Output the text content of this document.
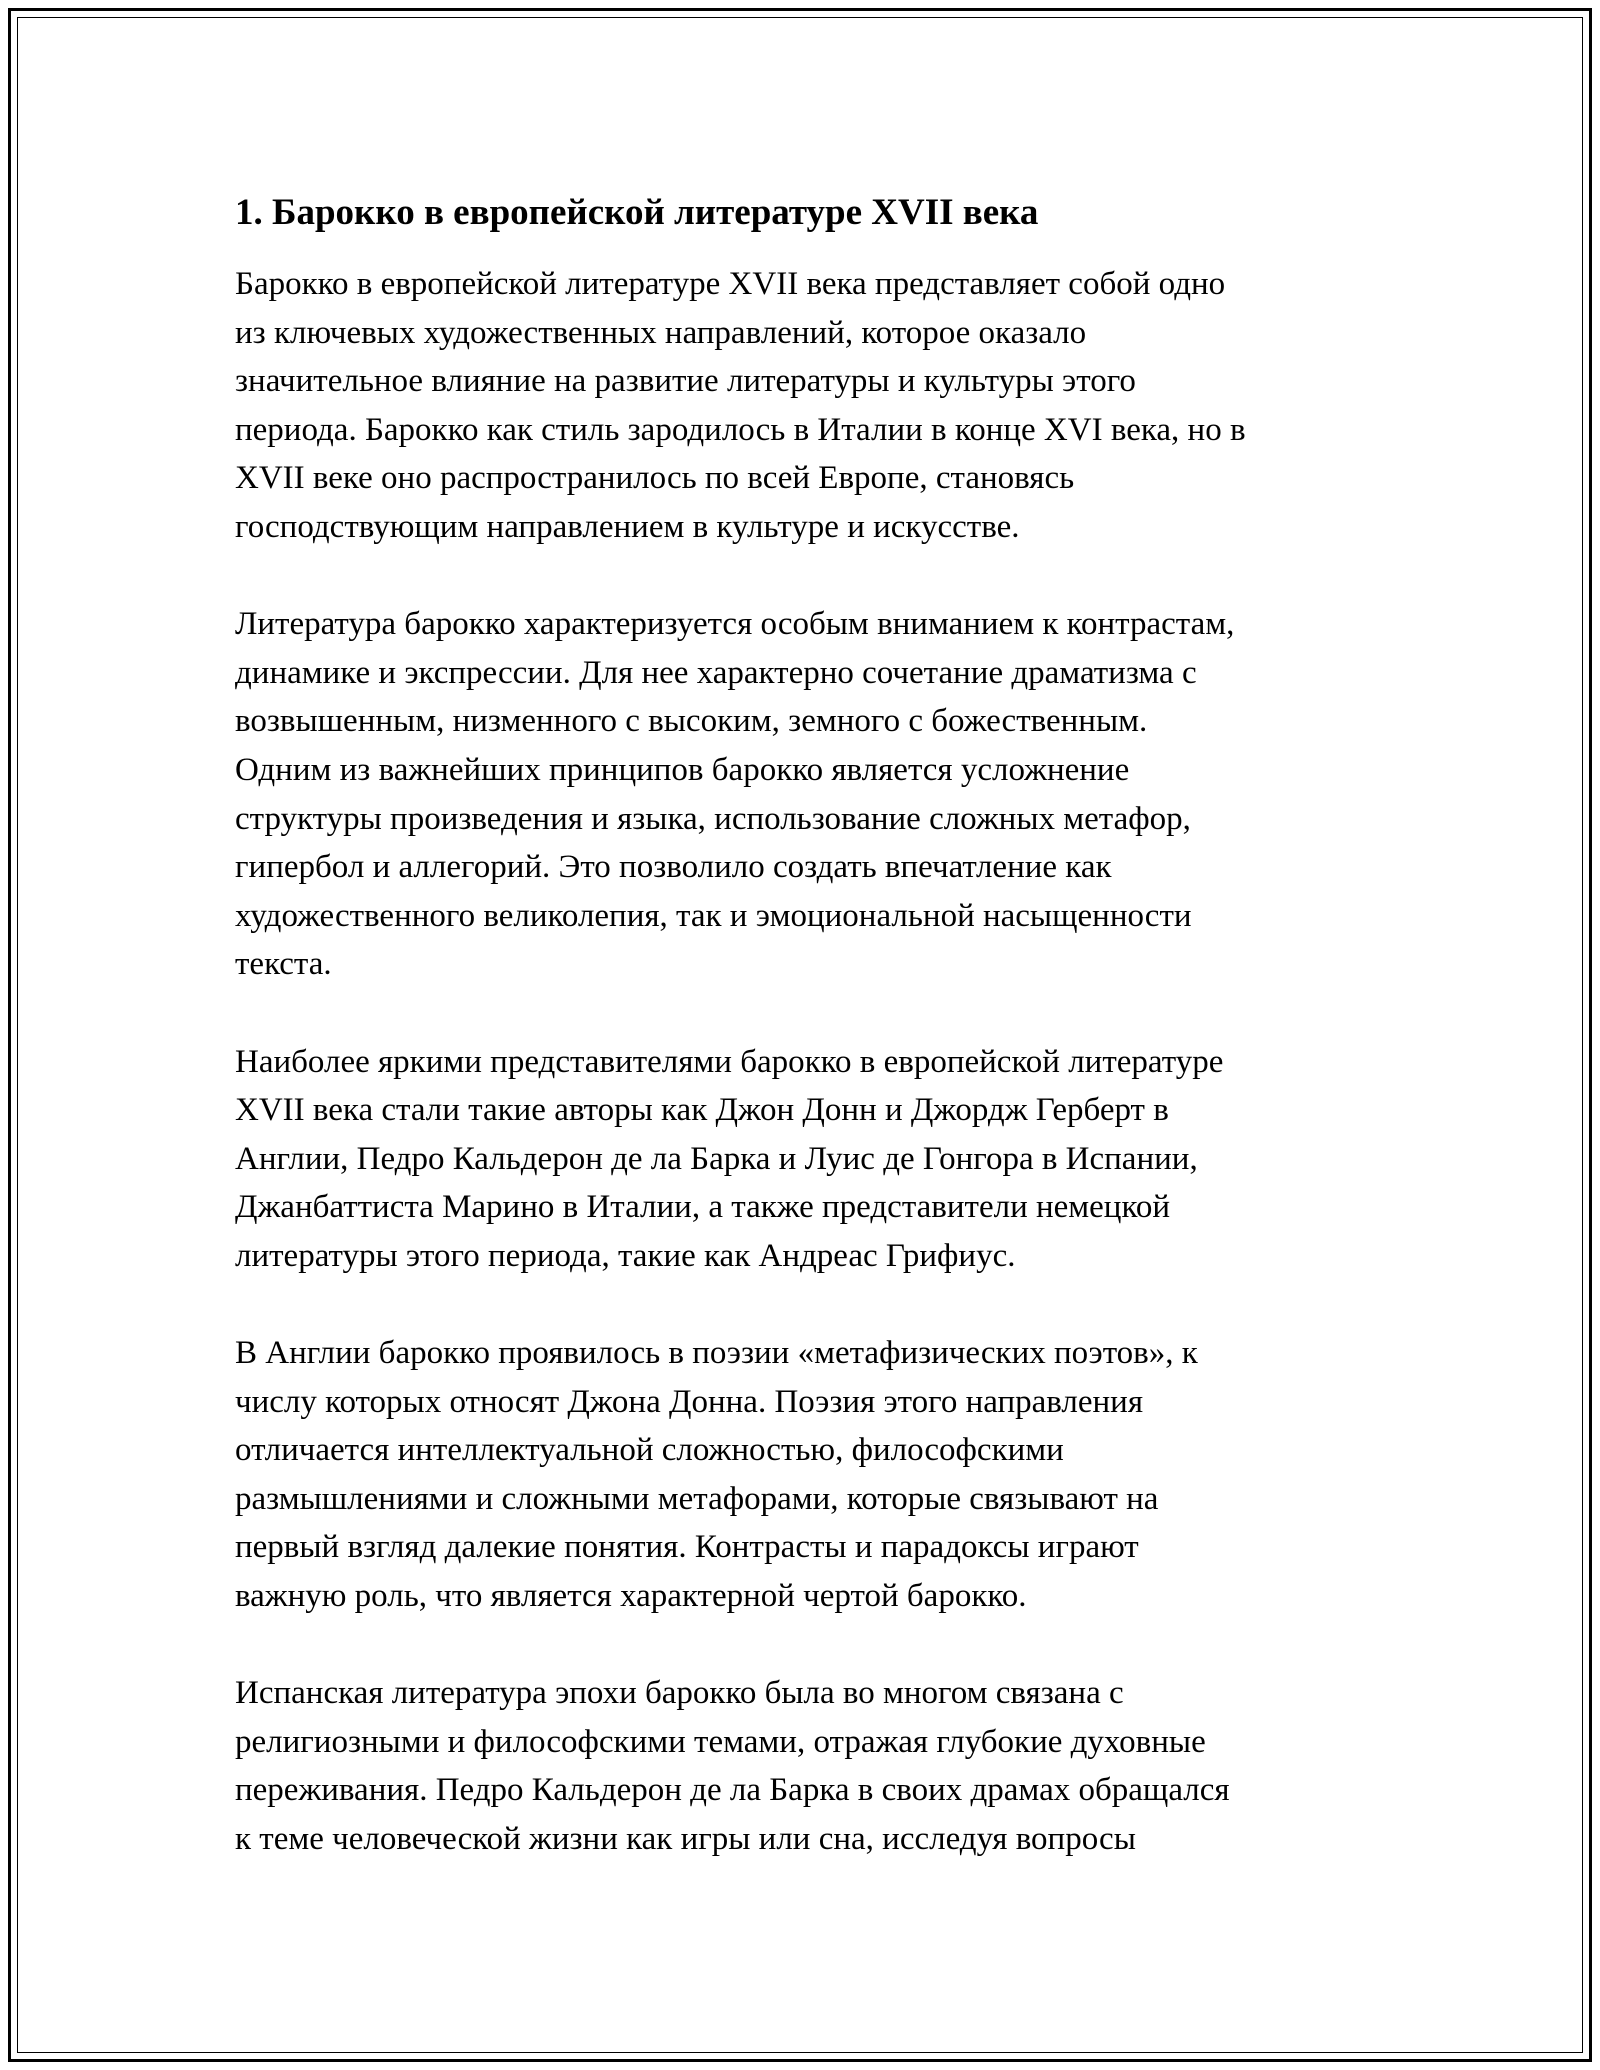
1. Барокко в европейской литературе XVII века

Барокко в европейской литературе XVII века представляет собой одно
из ключевых художественных направлений, которое оказало
значительное влияние на развитие литературы и культуры этого
периода. Барокко как стиль зародилось в Италии в конце XVI века, но в
XVII веке оно распространилось по всей Европе, становясь
господствующим направлением в культуре и искусстве.

Литература барокко характеризуется особым вниманием к контрастам,
динамике и экспрессии. Для нее характерно сочетание драматизма с
возвышенным, низменного с высоким, земного с божественным.
Одним из важнейших принципов барокко является усложнение
структуры произведения и языка, использование сложных метафор,
гипербол и аллегорий. Это позволило создать впечатление как
художественного великолепия, так и эмоциональной насыщенности
текста.

Наиболее яркими представителями барокко в европейской литературе
XVII века стали такие авторы как Джон Донн и Джордж Герберт в
Англии, Педро Кальдерон де ла Барка и Луис де Гонгора в Испании,
Джанбаттиста Марино в Италии, а также представители немецкой
литературы этого периода, такие как Андреас Грифиус.

В Англии барокко проявилось в поэзии «метафизических поэтов», к
числу которых относят Джона Донна. Поэзия этого направления
отличается интеллектуальной сложностью, философскими
размышлениями и сложными метафорами, которые связывают на
первый взгляд далекие понятия. Контрасты и парадоксы играют
важную роль, что является характерной чертой барокко.

Испанская литература эпохи барокко была во многом связана с
религиозными и философскими темами, отражая глубокие духовные
переживания. Педро Кальдерон де ла Барка в своих драмах обращался
к теме человеческой жизни как игры или сна, исследуя вопросы
